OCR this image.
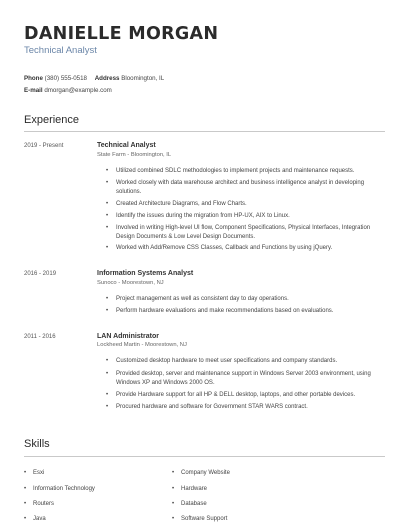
DANIELLE MORGAN
Technical Analyst
Phone (380) 555-0518 Address Bloomington, IL
E-mail dmorgan@example.com
Experience
2019 - Present	Technical Analyst
State Farm - Bloomington, IL
• Utilized combined SDLC methodologies to implement projects and maintenance requests.
• Worked closely with data warehouse architect and business intelligence analyst in developing solutions.
• Created Architecture Diagrams, and Flow Charts.
• Identify the issues during the migration from HP-UX, AIX to Linux.
• Involved in writing High-level UI flow, Component Specifications, Physical Interfaces, Integration Design Documents & Low Level Design Documents.
• Worked with Add/Remove CSS Classes, Callback and Functions by using jQuery.
2016 - 2019	Information Systems Analyst
Sunoco - Moorestown, NJ
• Project management as well as consistent day to day operations.
• Perform hardware evaluations and make recommendations based on evaluations.
2011 - 2016	LAN Administrator
Lockheed Martin - Moorestown, NJ
• Customized desktop hardware to meet user specifications and company standards.
• Provided desktop, server and maintenance support in Windows Server 2003 environment, using Windows XP and Windows 2000 OS.
• Provide Hardware support for all HP & DELL desktop, laptops, and other portable devices.
• Procured hardware and software for Government STAR WARS contract.
Skills
• Esxi
• Information Technology
• Routers
• Java
• Company Website
• Hardware
• Database
• Software Support
